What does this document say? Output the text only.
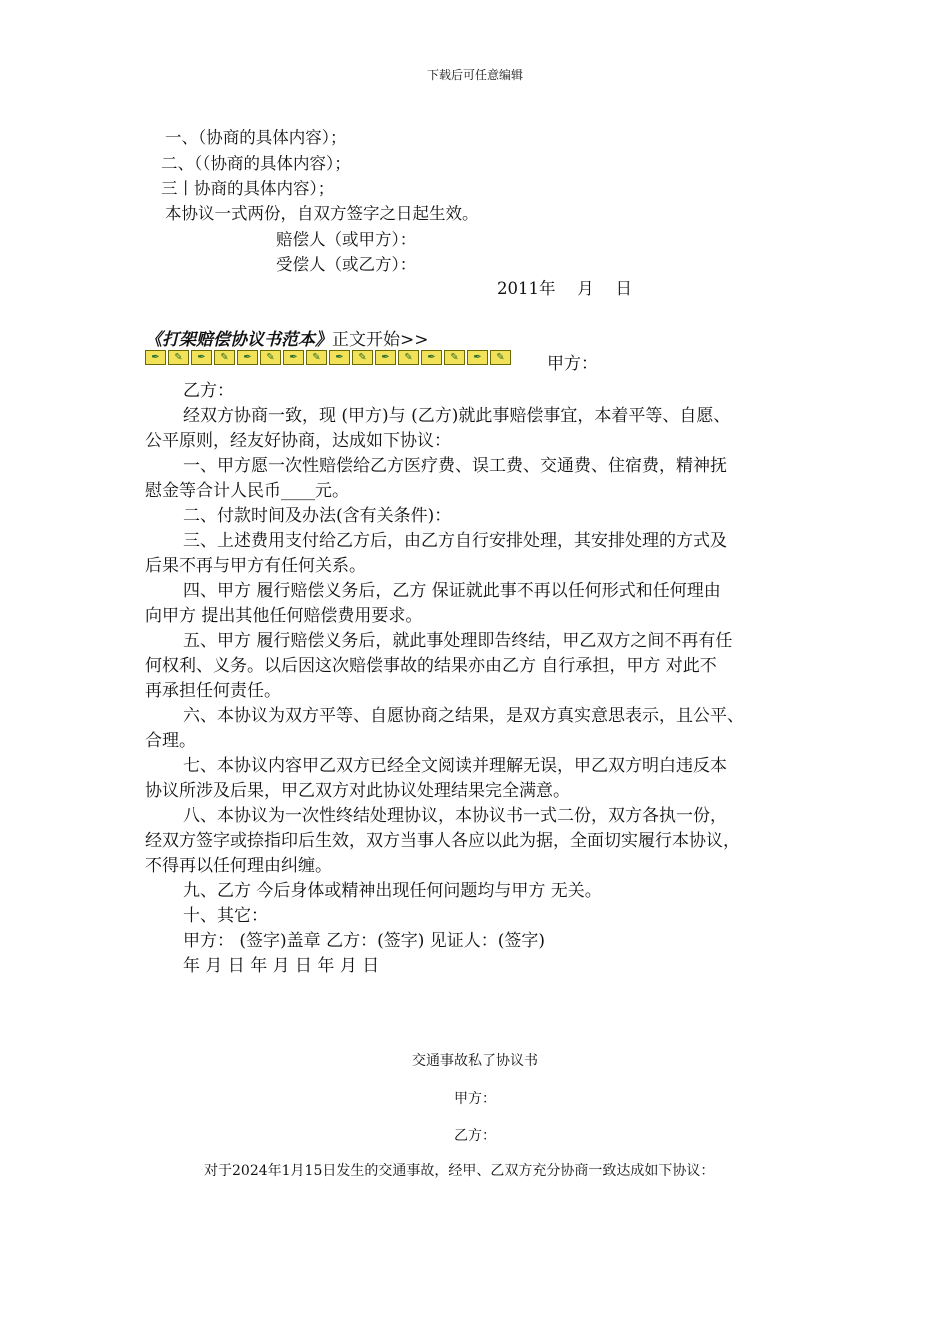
下载后可任意编辑
一、（协商的具体内容）；
二、（（协商的具体内容）；
三丨协商的具体内容）；
本协议一式两份，自双方签字之日起生效。
赔偿人（或甲方）：
受偿人（或乙方）：
2011年　 月　 日
《打架赔偿协议书范本》正文开始>>
✒	✎	✒	✎	✒	✎	✒	✎	✒	✎	✒	✎	✒	✎	✒	✎	甲方：
乙方：
经双方协商一致，现 (甲方)与 (乙方)就此事赔偿事宜，本着平等、自愿、
公平原则，经友好协商，达成如下协议：
一、甲方愿一次性赔偿给乙方医疗费、误工费、交通费、住宿费，精神抚
慰金等合计人民币____元。
二、付款时间及办法(含有关条件)：
三、上述费用支付给乙方后，由乙方自行安排处理，其安排处理的方式及
后果不再与甲方有任何关系。
四、甲方 履行赔偿义务后，乙方 保证就此事不再以任何形式和任何理由
向甲方 提出其他任何赔偿费用要求。
五、甲方 履行赔偿义务后，就此事处理即告终结，甲乙双方之间不再有任
何权利、义务。以后因这次赔偿事故的结果亦由乙方 自行承担，甲方 对此不
再承担任何责任。
六、本协议为双方平等、自愿协商之结果，是双方真实意思表示，且公平、
合理。
七、本协议内容甲乙双方已经全文阅读并理解无误，甲乙双方明白违反本
协议所涉及后果，甲乙双方对此协议处理结果完全满意。
八、本协议为一次性终结处理协议，本协议书一式二份，双方各执一份，
经双方签字或捺指印后生效，双方当事人各应以此为据，全面切实履行本协议，
不得再以任何理由纠缠。
九、乙方 今后身体或精神出现任何问题均与甲方 无关。
十、其它：
甲方： (签字)盖章 乙方：(签字) 见证人：(签字)
年 月 日 年 月 日 年 月 日
交通事故私了协议书
甲方：
乙方：
对于2024年1月15日发生的交通事故，经甲、乙双方充分协商一致达成如下协议：
